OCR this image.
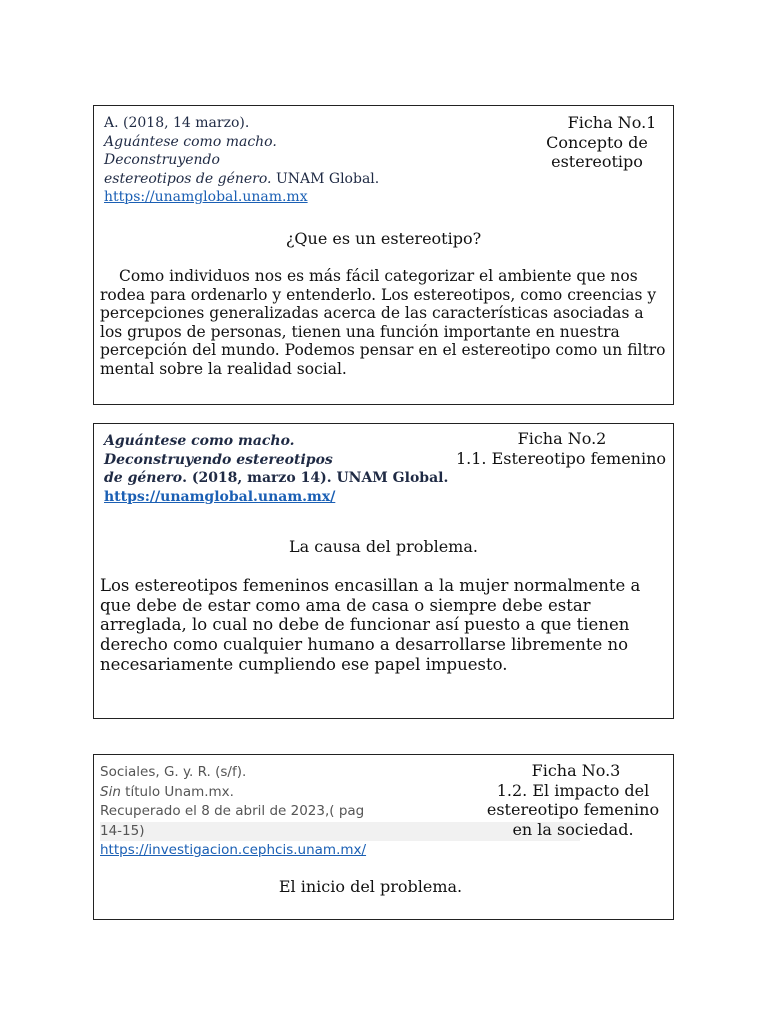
A. (2018, 14 marzo).
Aguántese como macho.
Deconstruyendo
estereotipos de género. UNAM Global.
https://unamglobal.unam.mx
Ficha No.1
Concepto de
estereotipo

¿Que es un estereotipo?

Como individuos nos es más fácil categorizar el ambiente que nos rodea para ordenarlo y entenderlo. Los estereotipos, como creencias y percepciones generalizadas acerca de las características asociadas a los grupos de personas, tienen una función importante en nuestra percepción del mundo. Podemos pensar en el estereotipo como un filtro mental sobre la realidad social.

Aguántese como macho.
Deconstruyendo estereotipos
de género. (2018, marzo 14). UNAM Global.
https://unamglobal.unam.mx/
Ficha No.2
1.1. Estereotipo femenino

La causa del problema.

Los estereotipos femeninos encasillan a la mujer normalmente a que debe de estar como ama de casa o siempre debe estar arreglada, lo cual no debe de funcionar así puesto a que tienen derecho como cualquier humano a desarrollarse libremente no necesariamente cumpliendo ese papel impuesto.

Sociales, G. y. R. (s/f).
Sin título Unam.mx.
Recuperado el 8 de abril de 2023,( pag
14-15)
https://investigacion.cephcis.unam.mx/
Ficha No.3
1.2. El impacto del
estereotipo femenino
en la sociedad.

El inicio del problema.
